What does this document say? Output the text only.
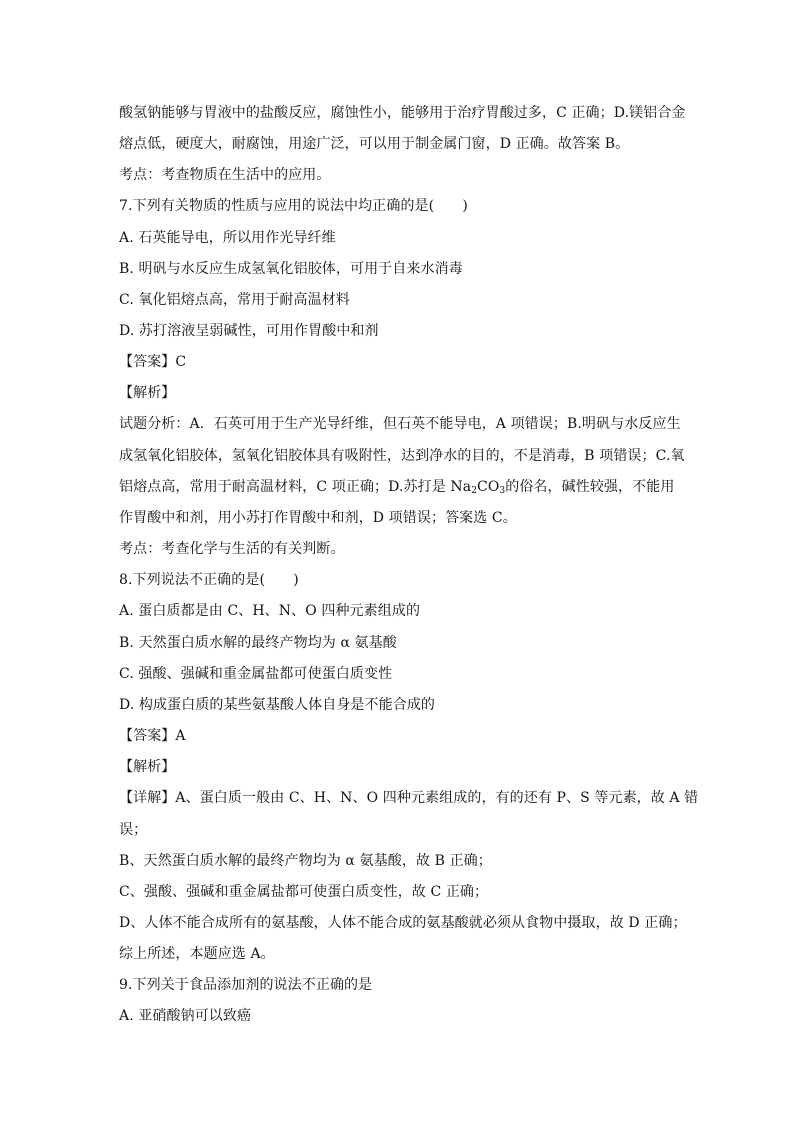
酸氢钠能够与胃液中的盐酸反应，腐蚀性小，能够用于治疗胃酸过多，C 正确；D.镁铝合金
熔点低，硬度大，耐腐蚀，用途广泛，可以用于制金属门窗，D 正确。故答案 B。
考点：考查物质在生活中的应用。
7.下列有关物质的性质与应用的说法中均正确的是(　　)
A. 石英能导电，所以用作光导纤维
B. 明矾与水反应生成氢氧化铝胶体，可用于自来水消毒
C. 氧化铝熔点高，常用于耐高温材料
D. 苏打溶液呈弱碱性，可用作胃酸中和剂
【答案】C
【解析】
试题分析：A．石英可用于生产光导纤维，但石英不能导电，A 项错误；B.明矾与水反应生
成氢氧化铝胶体，氢氧化铝胶体具有吸附性，达到净水的目的，不是消毒，B 项错误；C.氧
铝熔点高，常用于耐高温材料，C 项正确；D.苏打是 $Na_2CO_3$的俗名，碱性较强，不能用
作胃酸中和剂，用小苏打作胃酸中和剂，D 项错误；答案选 C。
考点：考查化学与生活的有关判断。
8.下列说法不正确的是(　　)
A. 蛋白质都是由 C、H、N、O 四种元素组成的
B. 天然蛋白质水解的最终产物均为 α 氨基酸
C. 强酸、强碱和重金属盐都可使蛋白质变性
D. 构成蛋白质的某些氨基酸人体自身是不能合成的
【答案】A
【解析】
【详解】A、蛋白质一般由 C、H、N、O 四种元素组成的，有的还有 P、S 等元素，故 A 错
误；
B、天然蛋白质水解的最终产物均为 α 氨基酸，故 B 正确；
C、强酸、强碱和重金属盐都可使蛋白质变性，故 C 正确；
D、人体不能合成所有的氨基酸，人体不能合成的氨基酸就必须从食物中摄取，故 D 正确；
综上所述，本题应选 A。
9.下列关于食品添加剂的说法不正确的是
A. 亚硝酸钠可以致癌
